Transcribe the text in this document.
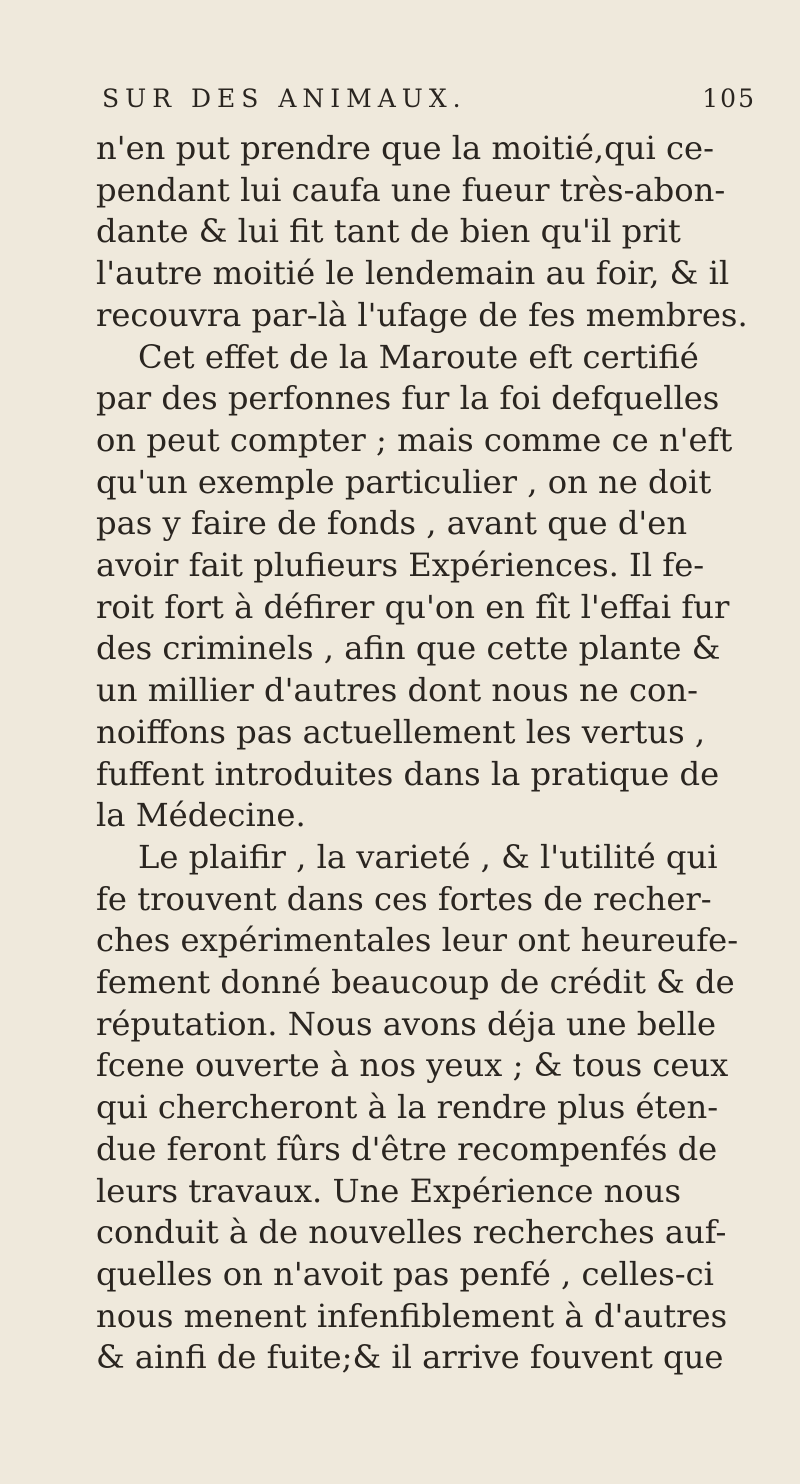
SUR DES ANIMAUX.	105
n'en put prendre que la moitié,qui ce-
pendant lui caufa une fueur très-abon-
dante & lui fit tant de bien qu'il prit
l'autre moitié le lendemain au foir, & il
recouvra par-là l'ufage de fes membres.
Cet effet de la Maroute eft certifié
par des perfonnes fur la foi defquelles
on peut compter ; mais comme ce n'eft
qu'un exemple particulier , on ne doit
pas y faire de fonds , avant que d'en
avoir fait plufieurs Expériences. Il fe-
roit fort à défirer qu'on en fît l'effai fur
des criminels , afin que cette plante &
un millier d'autres dont nous ne con-
noiffons pas actuellement les vertus ,
fuffent introduites dans la pratique de
la Médecine.
Le plaifir , la varieté , & l'utilité qui
fe trouvent dans ces fortes de recher-
ches expérimentales leur ont heureufe-
fement donné beaucoup de crédit & de
réputation. Nous avons déja une belle
fcene ouverte à nos yeux ; & tous ceux
qui chercheront à la rendre plus éten-
due feront fûrs d'être recompenfés de
leurs travaux. Une Expérience nous
conduit à de nouvelles recherches auf-
quelles on n'avoit pas penfé , celles-ci
nous menent infenfiblement à d'autres
& ainfi de fuite;& il arrive fouvent que
